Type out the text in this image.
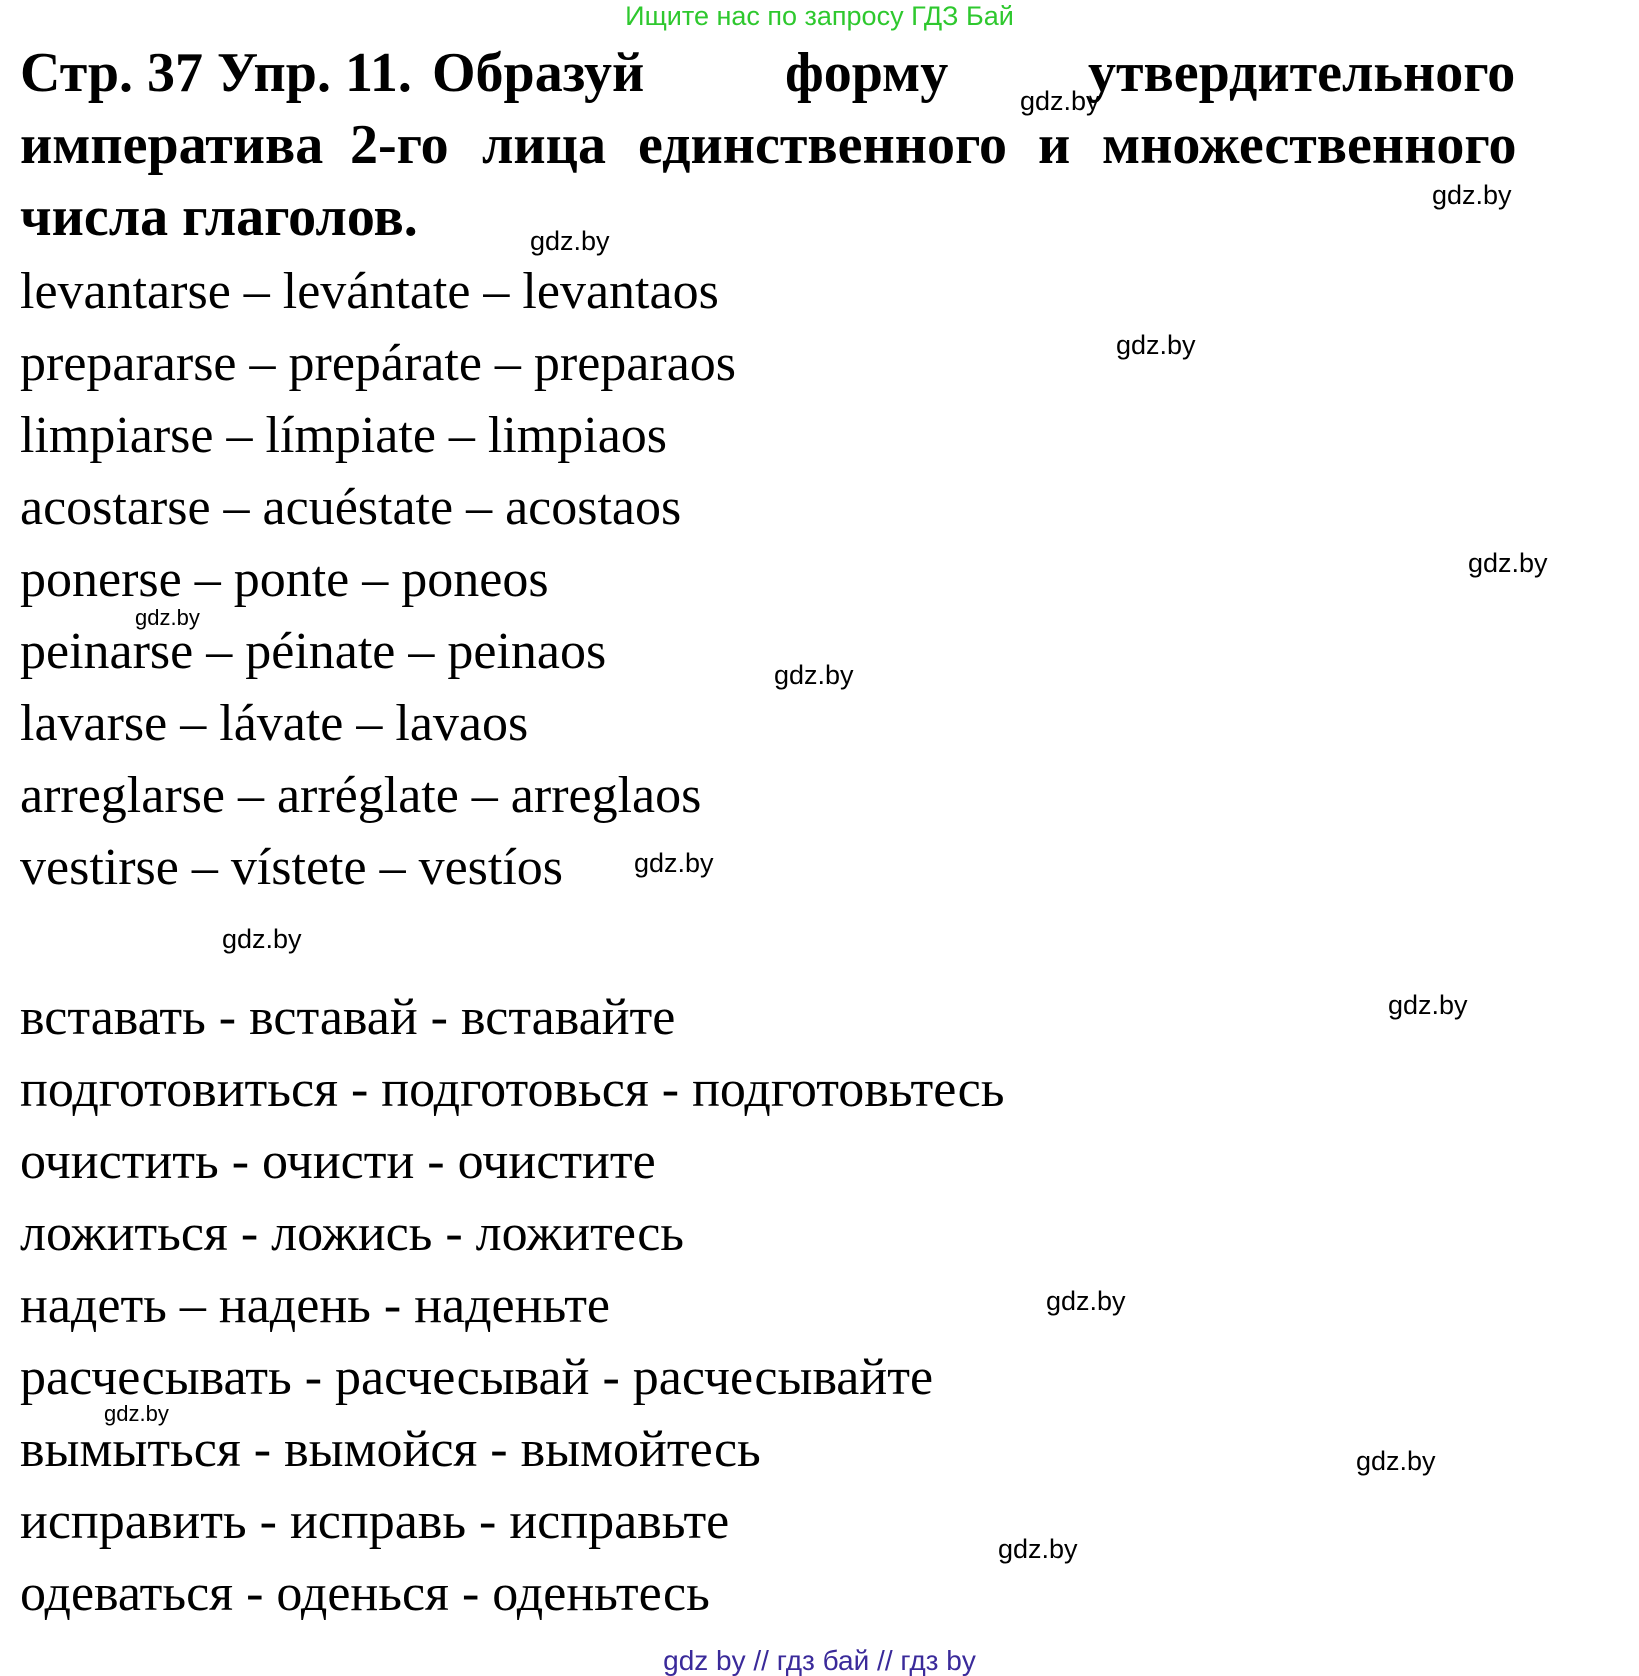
Ищите нас по запросу ГДЗ Бай
Стр. 37 Упр. 11. Образуй	форму утвердительного
императива 2-го лица единственного и множественного
числа глаголов.
levantarse – levántate – levantaos
prepararse – prepárate – preparaos
limpiarse – límpiate – limpiaos
acostarse – acuéstate – acostaos
ponerse – ponte – poneos
peinarse – péinate – peinaos
lavarse – lávate – lavaos
arreglarse – arréglate – arreglaos
vestirse – vístete – vestíos
вставать - вставай - вставайте
подготовиться - подготовься - подготовьтесь
очистить - очисти - очистите
ложиться - ложись - ложитесь
надеть – надень - наденьте
расчесывать - расчесывай - расчесывайте
вымыться - вымойся - вымойтесь
исправить - исправь - исправьте
одеваться - оденься - оденьтесь
gdz.by
gdz.by
gdz.by
gdz.by
gdz.by
gdz.by
gdz.by
gdz.by
gdz.by
gdz.by
gdz.by
gdz.by
gdz.by
gdz.by
gdz by // гдз бай // гдз by
